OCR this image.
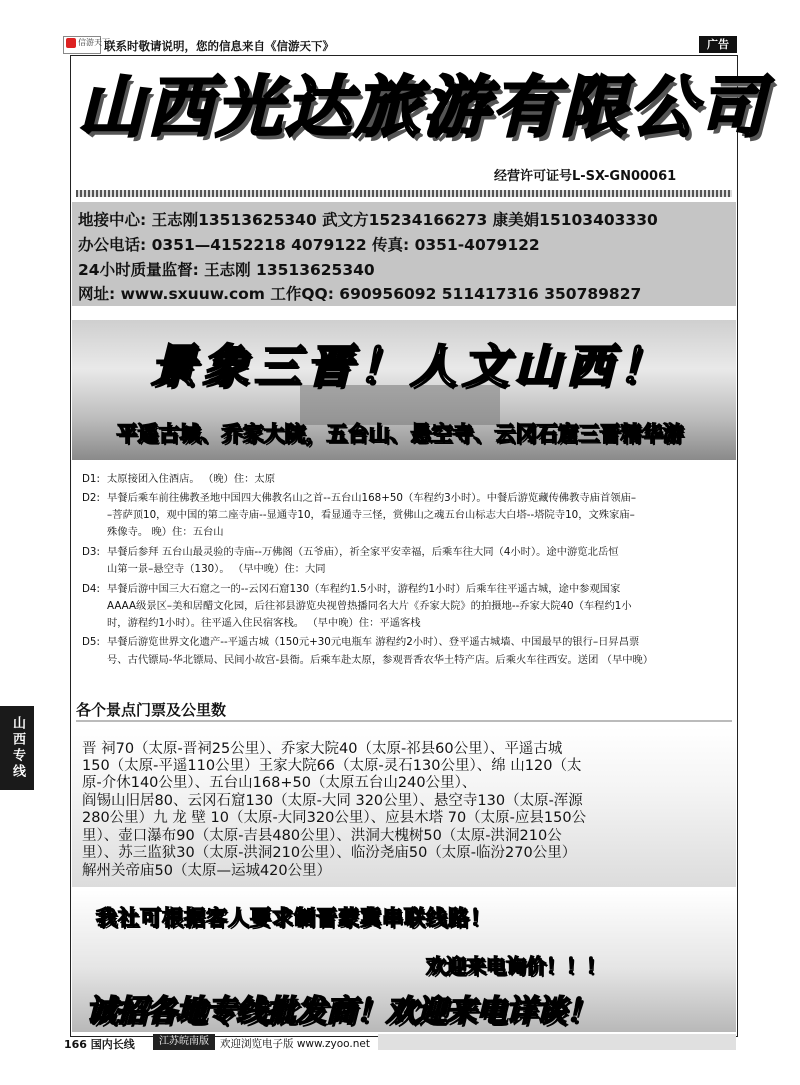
信游天下
联系时敬请说明，您的信息来自《信游天下》	广告
山西光达旅游有限公司
经营许可证号L-SX-GN00061
地接中心: 王志刚13513625340 武文方15234166273 康美娟15103403330
办公电话: 0351—4152218 4079122 传真: 0351-4079122
24小时质量监督: 王志刚 13513625340
网址: www.sxuuw.com 工作QQ: 690956092 511417316 350789827
景象三晋！人文山西！
平遥古城、乔家大院，五台山、悬空寺、云冈石窟三晋精华游
D1: 太原接团入住酒店。 （晚）住：太原
D2: 早餐后乘车前往佛教圣地中国四大佛教名山之首--五台山168+50（车程约3小时）。中餐后游览藏传佛教寺庙首领庙–
–菩萨顶10，观中国的第二座寺庙--显通寺10，看显通寺三怪，赏佛山之魂五台山标志大白塔--塔院寺10，文殊家庙–
殊像寺。 晚）住：五台山
D3: 早餐后参拜 五台山最灵验的寺庙--万佛阁（五爷庙），祈全家平安幸福，后乘车往大同（4小时）。途中游览北岳恒
山第一景–悬空寺（130）。 （早中晚）住：大同
D4: 早餐后游中国三大石窟之一的--云冈石窟130（车程约1.5小时，游程约1小时）后乘车往平遥古城，途中参观国家
AAAA级景区–美和居醋文化园，后往祁县游览央视曾热播同名大片《乔家大院》的拍摄地--乔家大院40（车程约1小
时，游程约1小时）。往平遥入住民宿客栈。 （早中晚）住：平遥客栈
D5: 早餐后游览世界文化遗产--平遥古城（150元+30元电瓶车 游程约2小时）、登平遥古城墙、中国最早的银行–日昇昌票
号、古代镖局-华北镖局、民间小故宫-县衙。后乘车赴太原，参观晋香农华土特产店。后乘火车往西安。送团 （早中晚）
各个景点门票及公里数
山西专线	晋 祠70（太原-晋祠25公里）、乔家大院40（太原-祁县60公里）、平遥古城
150（太原-平遥110公里）王家大院66（太原-灵石130公里）、绵 山120（太
原-介休140公里）、五台山168+50（太原五台山240公里）、
阎锡山旧居80、云冈石窟130（太原-大同 320公里）、悬空寺130（太原-浑源
280公里）九 龙 壁 10（太原-大同320公里）、应县木塔 70（太原-应县150公
里）、壶口瀑布90（太原-吉县480公里）、洪洞大槐树50（太原-洪洞210公
里）、苏三监狱30（太原-洪洞210公里）、临汾尧庙50（太原-临汾270公里）
解州关帝庙50（太原—运城420公里）
我社可根据客人要求制晋蒙冀串联线路！
欢迎来电询价！！！
诚招各地专线批发商！欢迎来电详谈！
166 国内长线	江苏皖南版	欢迎浏览电子版 www.zyoo.net
